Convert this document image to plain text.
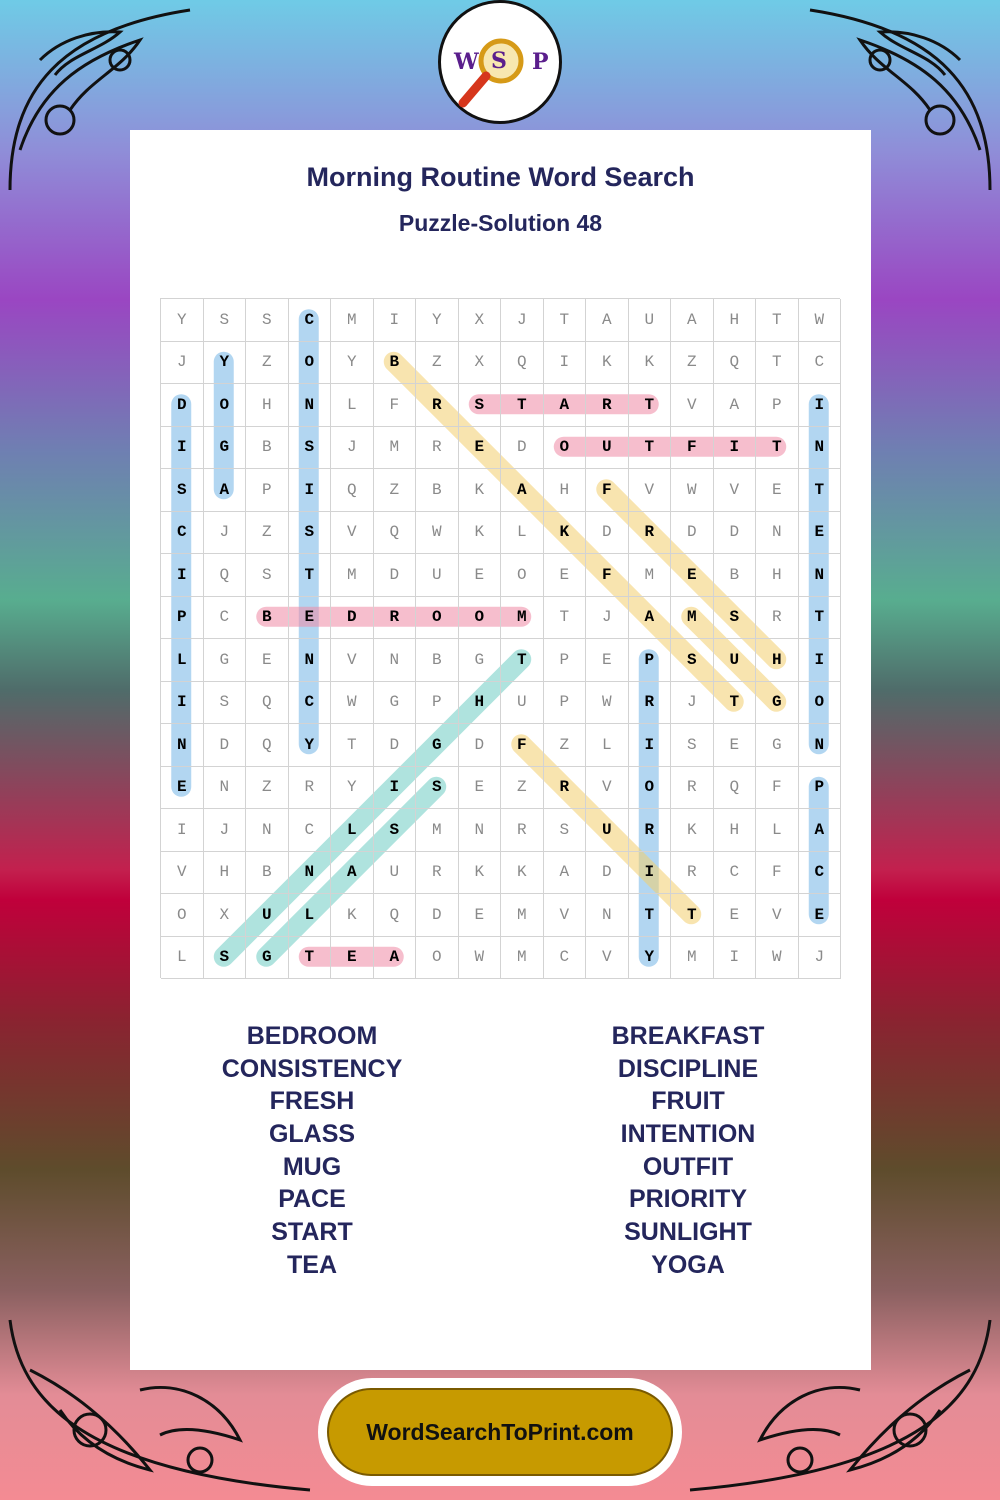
W S P
Morning Routine Word Search
Puzzle-Solution 48
Y	S	S	C	M	I	Y	X	J	T	A	U	A	H	T	W
J	Y	Z	O	Y	B	Z	X	Q	I	K	K	Z	Q	T	C
D	O	H	N	L	F	R	S	T	A	R	T	V	A	P	I
I	G	B	S	J	M	R	E	D	O	U	T	F	I	T	N
S	A	P	I	Q	Z	B	K	A	H	F	V	W	V	E	T
C	J	Z	S	V	Q	W	K	L	K	D	R	D	D	N	E
I	Q	S	T	M	D	U	E	O	E	F	M	E	B	H	N
P	C	B	E	D	R	O	O	M	T	J	A	M	S	R	T
L	G	E	N	V	N	B	G	T	P	E	P	S	U	H	I
I	S	Q	C	W	G	P	H	U	P	W	R	J	T	G	O
N	D	Q	Y	T	D	G	D	F	Z	L	I	S	E	G	N
E	N	Z	R	Y	I	S	E	Z	R	V	O	R	Q	F	P
I	J	N	C	L	S	M	N	R	S	U	R	K	H	L	A
V	H	B	N	A	U	R	K	K	A	D	I	R	C	F	C
O	X	U	L	K	Q	D	E	M	V	N	T	T	E	V	E
L	S	G	T	E	A	O	W	M	C	V	Y	M	I	W	J
BEDROOM
CONSISTENCY
FRESH
GLASS
MUG
PACE
START
TEA
BREAKFAST
DISCIPLINE
FRUIT
INTENTION
OUTFIT
PRIORITY
SUNLIGHT
YOGA
WordSearchToPrint.com
